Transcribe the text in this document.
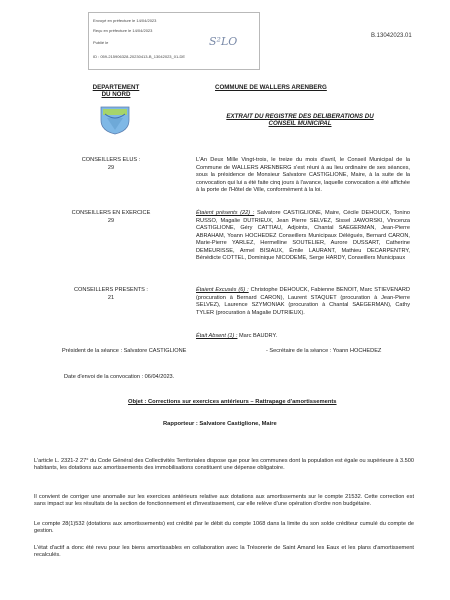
Envoyé en préfecture le 14/04/2023
Reçu en préfecture le 14/04/2023
Publié le
ID : 059-215906328-20230413-B_13042023_01-DE
S²LO	B.13042023.01
DEPARTEMENT
DU NORD
COMMUNE DE WALLERS ARENBERG
EXTRAIT DU REGISTRE DES DELIBERATIONS DU
CONSEIL MUNICIPAL
CONSEILLERS ELUS :
29
L'An Deux Mille Vingt-trois, le treize du mois d'avril, le Conseil Municipal de la Commune de WALLERS ARENBERG s'est réuni à au lieu ordinaire de ses séances, sous la présidence de Monsieur Salvatore CASTIGLIONE, Maire, à la suite de la convocation qui lui a été faite cinq jours à l'avance, laquelle convocation a été affichée à la porte de l'Hôtel de Ville, conformément à la loi.
CONSEILLERS EN EXERCICE
29
Étaient présents (22) : Salvatore CASTIGLIONE, Maire, Cécile DEHOUCK, Tonino RUSSO, Magalie DUTRIEUX, Jean Pierre SELVEZ, Sissel JAWORSKI, Vincenza CASTIGLIONE, Géry CATTIAU, Adjoints, Chantal SAEGERMAN, Jean-Pierre ABRAHAM, Yoann HOCHEDEZ Conseillers Municipaux Délégués, Bernard CARON, Marie-Pierre YARLEZ, Hermelline SOUTELIER, Aurore DUSSART, Catherine DEMEURISSE, Armel BISIAUX, Émile LAURANT, Mathieu DECARPENTRY, Bénédicte COTTEL, Dominique NICODEME, Serge HARDY, Conseillers Municipaux
CONSEILLERS PRESENTS :
21
Étaient Excusés (6) : Christophe DEHOUCK, Fabienne BENOIT, Marc STIEVENARD (procuration à Bernard CARON), Laurent STAQUET (procuration à Jean-Pierre SELVEZ), Laurence SZYMONIAK (procuration à Chantal SAEGERMAN), Cathy TYLER (procuration à Magalie DUTRIEUX).
Était Absent (1) : Marc BAUDRY.
Président de la séance : Salvatore CASTIGLIONE	- Secrétaire de la séance : Yoann HOCHEDEZ
Date d'envoi de la convocation : 06/04/2023.
Objet : Corrections sur exercices antérieurs – Rattrapage d'amortissements
Rapporteur : Salvatore Castiglione, Maire
L'article L. 2321-2 27° du Code Général des Collectivités Territoriales dispose que pour les communes dont la population est égale ou supérieure à 3.500 habitants, les dotations aux amortissements des immobilisations constituent une dépense obligatoire.
Il convient de corriger une anomalie sur les exercices antérieurs relative aux dotations aux amortissements sur le compte 21532. Cette correction est sans impact sur les résultats de la section de fonctionnement et d'investissement, car elle relève d'une opération d'ordre non budgétaire.
Le compte 28(1)532 (dotations aux amortissements) est crédité par le débit du compte 1068 dans la limite du son solde créditeur cumulé du compte de gestion.
L'état d'actif a donc été revu pour les biens amortissables en collaboration avec la Trésorerie de Saint Amand les Eaux et les plans d'amortissement recalculés.
